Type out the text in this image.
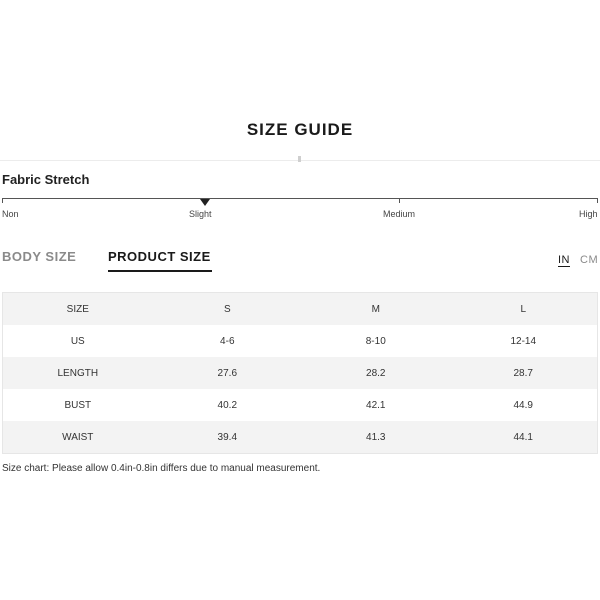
SIZE GUIDE
Fabric Stretch
Non	Slight	Medium	High
BODY SIZE PRODUCT SIZE	IN CM
SIZE	S	M	L
US	4-6	8-10	12-14
LENGTH	27.6	28.2	28.7
BUST	40.2	42.1	44.9
WAIST	39.4	41.3	44.1
Size chart: Please allow 0.4in-0.8in differs due to manual measurement.
